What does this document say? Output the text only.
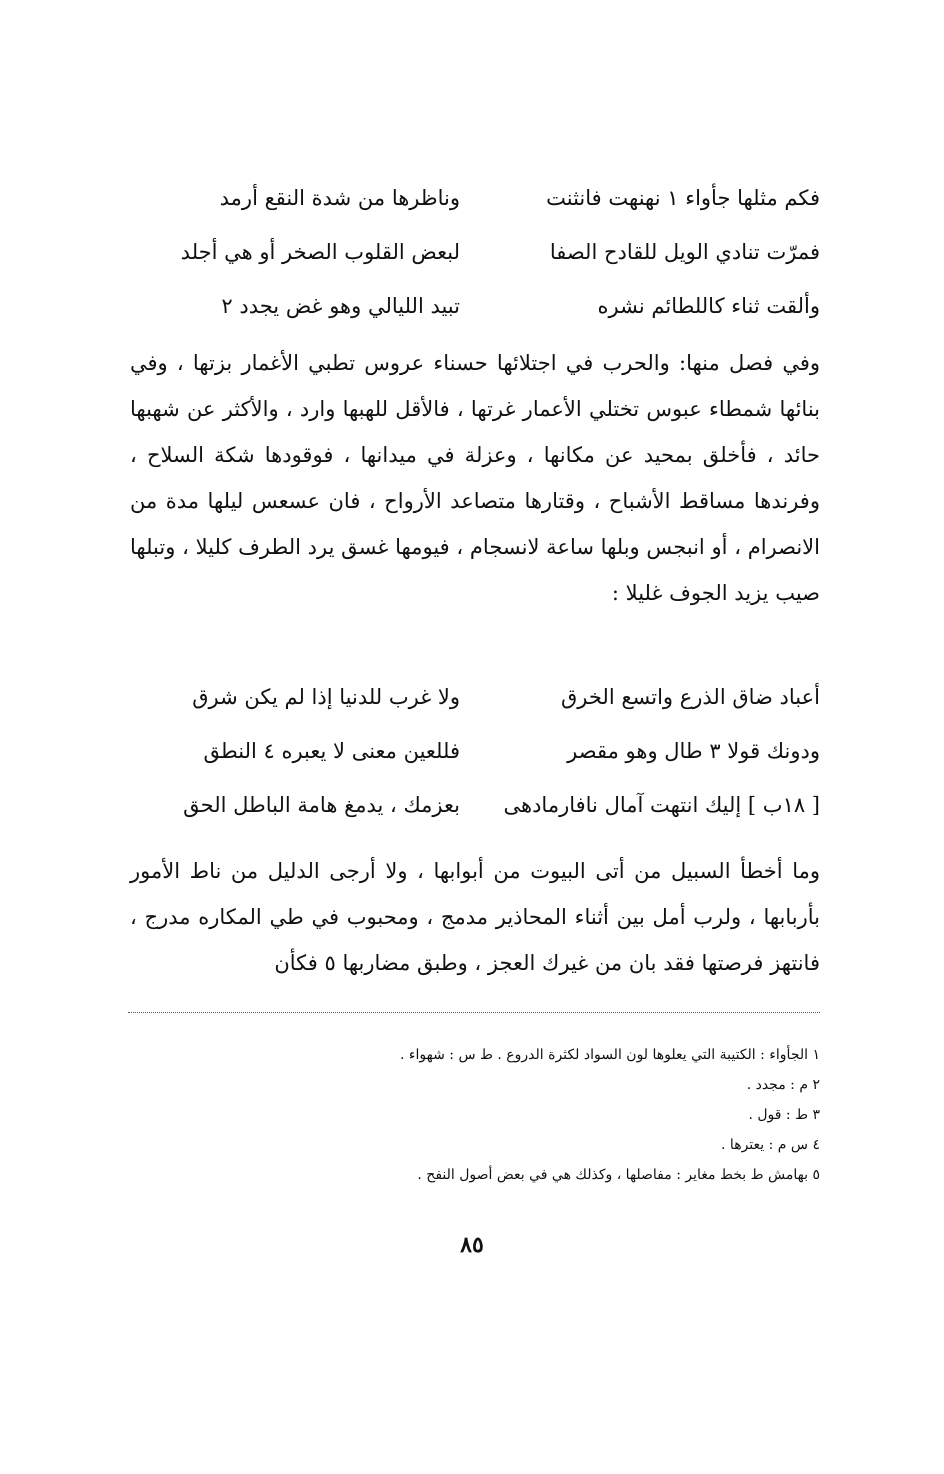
فكم مثلها جأواء ۱ نهنهت فانثنت
وناظرها من شدة النقع أرمد
فمرّت تنادي الويل للقادح الصفا
لبعض القلوب الصخر أو هي أجلد
وألقت ثناء كاللطائم نشره
تبيد الليالي وهو غض يجدد ۲
وفي فصل منها: والحرب في اجتلائها حسناء عروس تطبي الأغمار بزتها ، وفي بنائها شمطاء عبوس تختلي الأعمار غرتها ، فالأقل للهبها وارد ، والأكثر عن شهبها حائد ، فأخلق بمحيد عن مكانها ، وعزلة في ميدانها ، فوقودها شكة السلاح ، وفرندها مساقط الأشباح ، وقتارها متصاعد الأرواح ، فان عسعس ليلها مدة من الانصرام ، أو انبجس وبلها ساعة لانسجام ، فيومها غسق يرد الطرف كليلا ، وتبلها صيب يزيد الجوف غليلا :
أعباد ضاق الذرع واتسع الخرق
ولا غرب للدنيا إذا لم يكن شرق
ودونك قولا ۳ طال وهو مقصر
فللعين معنى لا يعبره ٤ النطق
[ ۱۸ب ] إليك انتهت آمال نافارمادهى
بعزمك ، يدمغ هامة الباطل الحق
وما أخطأ السبيل من أتى البيوت من أبوابها ، ولا أرجى الدليل من ناط الأمور بأربابها ، ولرب أمل بين أثناء المحاذير مدمج ، ومحبوب في طي المكاره مدرج ، فانتهز فرصتها فقد بان من غيرك العجز ، وطبق مضاربها ٥ فكأن
۱ الجأواء : الكتيبة التي يعلوها لون السواد لكثرة الدروع . ط س : شهواء .
۲ م : مجدد .
۳ ط : قول .
٤ س م : يعترها .
٥ بهامش ط بخط مغاير : مفاصلها ، وكذلك هي في بعض أصول النفح .
۸٥
